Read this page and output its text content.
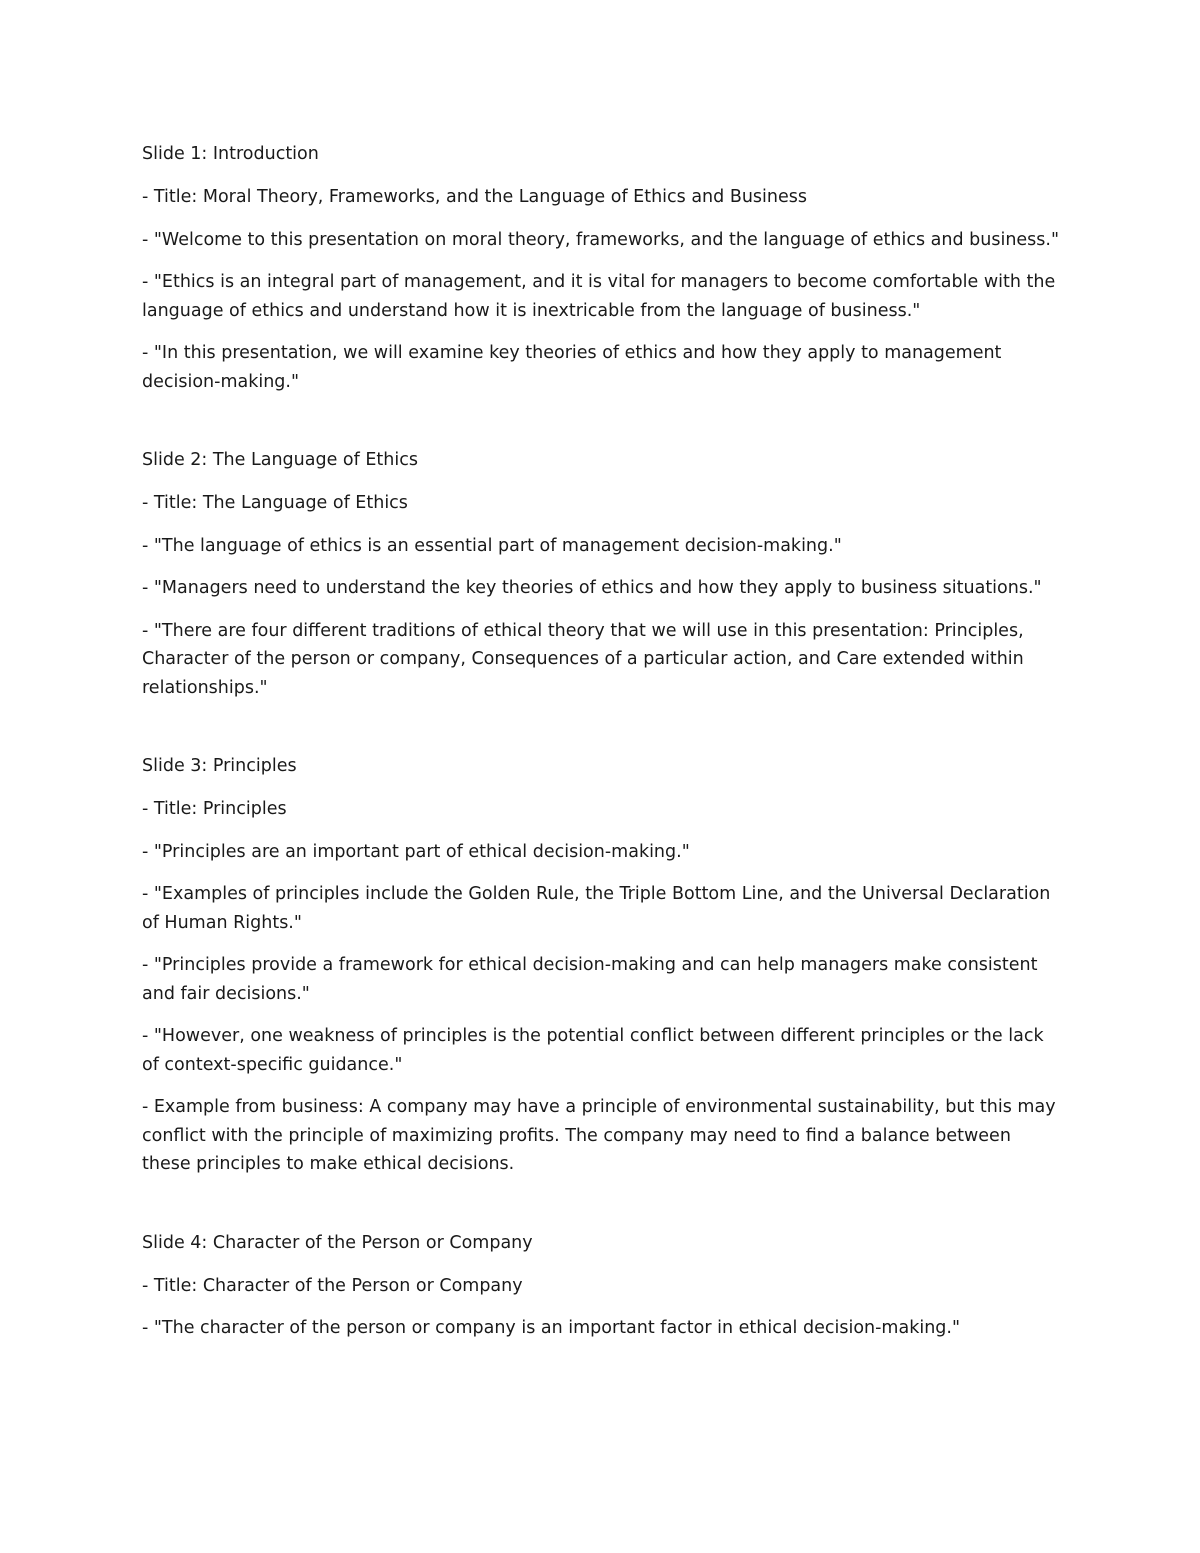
Slide 1: Introduction

- Title: Moral Theory, Frameworks, and the Language of Ethics and Business

- "Welcome to this presentation on moral theory, frameworks, and the language of ethics and business."

- "Ethics is an integral part of management, and it is vital for managers to become comfortable with the language of ethics and understand how it is inextricable from the language of business."

- "In this presentation, we will examine key theories of ethics and how they apply to management decision-making."

Slide 2: The Language of Ethics

- Title: The Language of Ethics

- "The language of ethics is an essential part of management decision-making."

- "Managers need to understand the key theories of ethics and how they apply to business situations."

- "There are four different traditions of ethical theory that we will use in this presentation: Principles, Character of the person or company, Consequences of a particular action, and Care extended within relationships."

Slide 3: Principles

- Title: Principles

- "Principles are an important part of ethical decision-making."

- "Examples of principles include the Golden Rule, the Triple Bottom Line, and the Universal Declaration of Human Rights."

- "Principles provide a framework for ethical decision-making and can help managers make consistent and fair decisions."

- "However, one weakness of principles is the potential conflict between different principles or the lack of context-specific guidance."

- Example from business: A company may have a principle of environmental sustainability, but this may conflict with the principle of maximizing profits. The company may need to find a balance between these principles to make ethical decisions.

Slide 4: Character of the Person or Company

- Title: Character of the Person or Company

- "The character of the person or company is an important factor in ethical decision-making."
